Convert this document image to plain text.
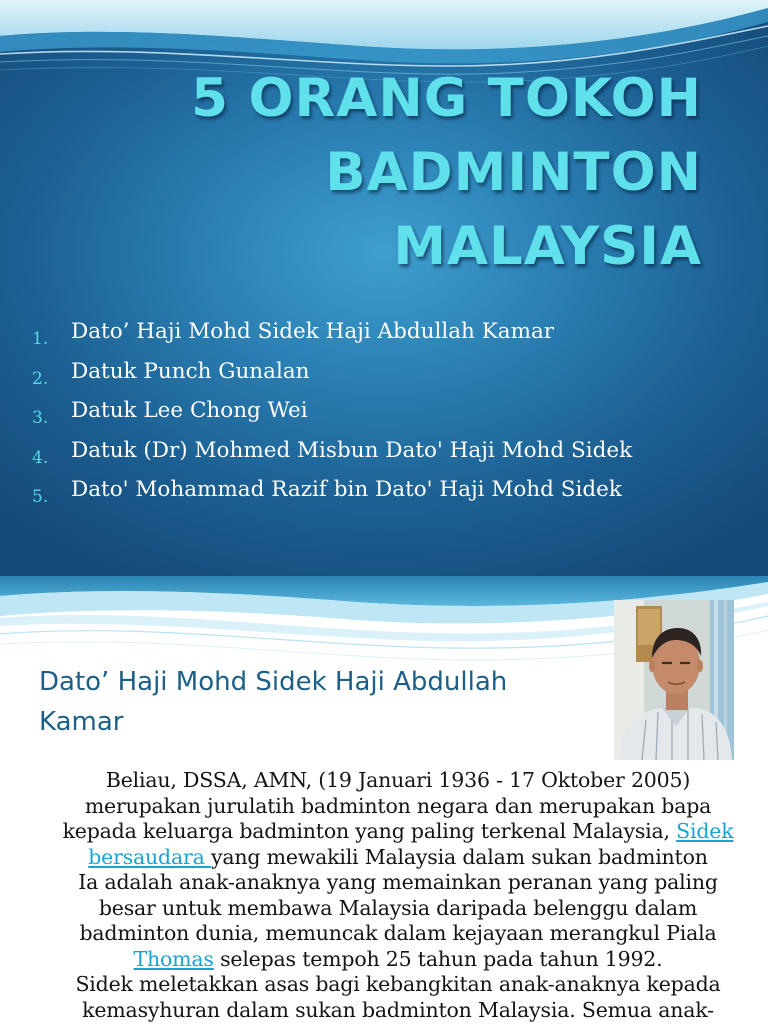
5 ORANG TOKOH
BADMINTON
MALAYSIA
1. Dato’ Haji Mohd Sidek Haji Abdullah Kamar
2. Datuk Punch Gunalan
3. Datuk Lee Chong Wei
4. Datuk (Dr) Mohmed Misbun Dato' Haji Mohd Sidek
5. Dato' Mohammad Razif bin Dato' Haji Mohd Sidek
Dato’ Haji Mohd Sidek Haji Abdullah
Kamar

Beliau, DSSA, AMN, (19 Januari 1936 - 17 Oktober 2005)
merupakan jurulatih badminton negara dan merupakan bapa
kepada keluarga badminton yang paling terkenal Malaysia, Sidek
bersaudara yang mewakili Malaysia dalam sukan badminton

Ia adalah anak-anaknya yang memainkan peranan yang paling
besar untuk membawa Malaysia daripada belenggu dalam
badminton dunia, memuncak dalam kejayaan merangkul Piala
Thomas selepas tempoh 25 tahun pada tahun 1992.

Sidek meletakkan asas bagi kebangkitan anak-anaknya kepada
kemasyhuran dalam sukan badminton Malaysia. Semua anak-
